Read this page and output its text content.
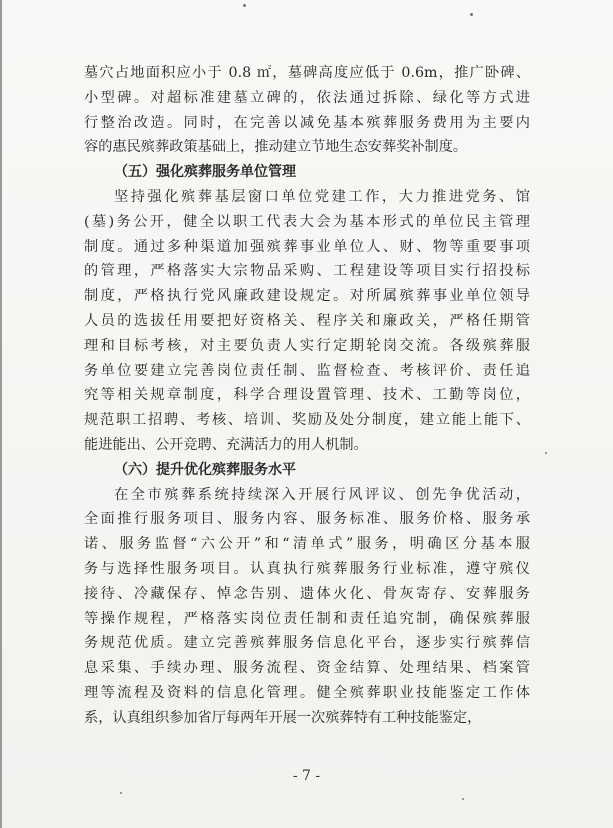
墓穴占地面积应小于 0.8 ㎡，墓碑高度应低于 0.6m，推广卧碑、
小型碑。对超标准建墓立碑的，依法通过拆除、绿化等方式进
行整治改造。同时，在完善以减免基本殡葬服务费用为主要内
容的惠民殡葬政策基础上，推动建立节地生态安葬奖补制度。
（五）强化殡葬服务单位管理
坚持强化殡葬基层窗口单位党建工作，大力推进党务、馆
(墓)务公开，健全以职工代表大会为基本形式的单位民主管理
制度。通过多种渠道加强殡葬事业单位人、财、物等重要事项
的管理，严格落实大宗物品采购、工程建设等项目实行招投标
制度，严格执行党风廉政建设规定。对所属殡葬事业单位领导
人员的选拔任用要把好资格关、程序关和廉政关，严格任期管
理和目标考核，对主要负责人实行定期轮岗交流。各级殡葬服
务单位要建立完善岗位责任制、监督检查、考核评价、责任追
究等相关规章制度，科学合理设置管理、技术、工勤等岗位，
规范职工招聘、考核、培训、奖励及处分制度，建立能上能下、
能进能出、公开竞聘、充满活力的用人机制。
（六）提升优化殡葬服务水平
在全市殡葬系统持续深入开展行风评议、创先争优活动，
全面推行服务项目、服务内容、服务标准、服务价格、服务承
诺、服务监督“六公开”和“清单式”服务，明确区分基本服
务与选择性服务项目。认真执行殡葬服务行业标准，遵守殡仪
接待、冷藏保存、悼念告别、遗体火化、骨灰寄存、安葬服务
等操作规程，严格落实岗位责任制和责任追究制，确保殡葬服
务规范优质。建立完善殡葬服务信息化平台，逐步实行殡葬信
息采集、手续办理、服务流程、资金结算、处理结果、档案管
理等流程及资料的信息化管理。健全殡葬职业技能鉴定工作体
系，认真组织参加省厅每两年开展一次殡葬特有工种技能鉴定，
- 7 -
